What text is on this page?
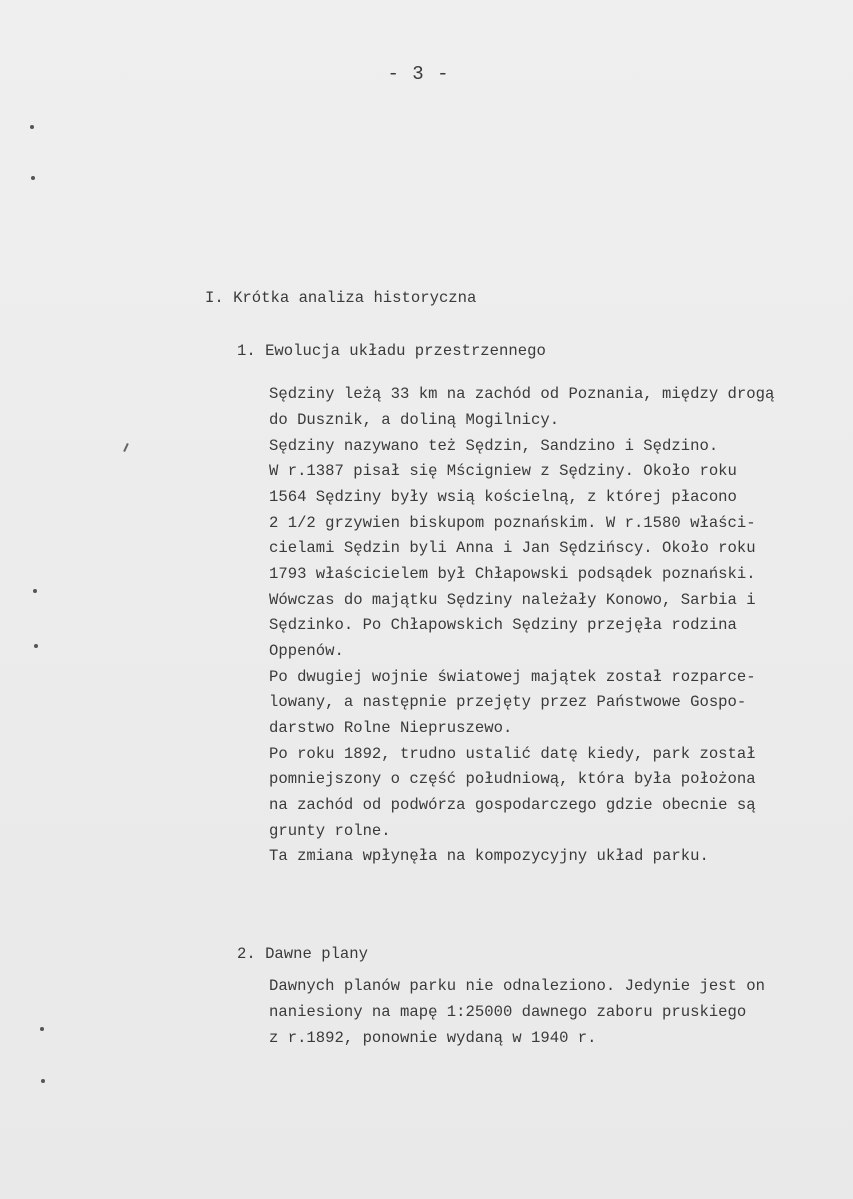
- 3 -
I. Krótka analiza historyczna
1. Ewolucja układu przestrzennego
Sędziny leżą 33 km na zachód od Poznania, między drogą
do Dusznik, a doliną Mogilnicy.
Sędziny nazywano też Sędzin, Sandzino i Sędzino.
W r.1387 pisał się Mścigniew z Sędziny. Około roku
1564 Sędziny były wsią kościelną, z której płacono
2 1/2 grzywien biskupom poznańskim. W r.1580 właści-
cielami Sędzin byli Anna i Jan Sędzińscy. Około roku
1793 właścicielem był Chłapowski podsądek poznański.
Wówczas do majątku Sędziny należały Konowo, Sarbia i
Sędzinko. Po Chłapowskich Sędziny przejęła rodzina
Oppenów.
Po dwugiej wojnie światowej majątek został rozparce-
lowany, a następnie przejęty przez Państwowe Gospo-
darstwo Rolne Niepruszewo.
Po roku 1892, trudno ustalić datę kiedy, park został
pomniejszony o część południową, która była położona
na zachód od podwórza gospodarczego gdzie obecnie są
grunty rolne.
Ta zmiana wpłynęła na kompozycyjny układ parku.
2. Dawne plany
Dawnych planów parku nie odnaleziono. Jedynie jest on
naniesiony na mapę 1:25000 dawnego zaboru pruskiego
z r.1892, ponownie wydaną w 1940 r.
